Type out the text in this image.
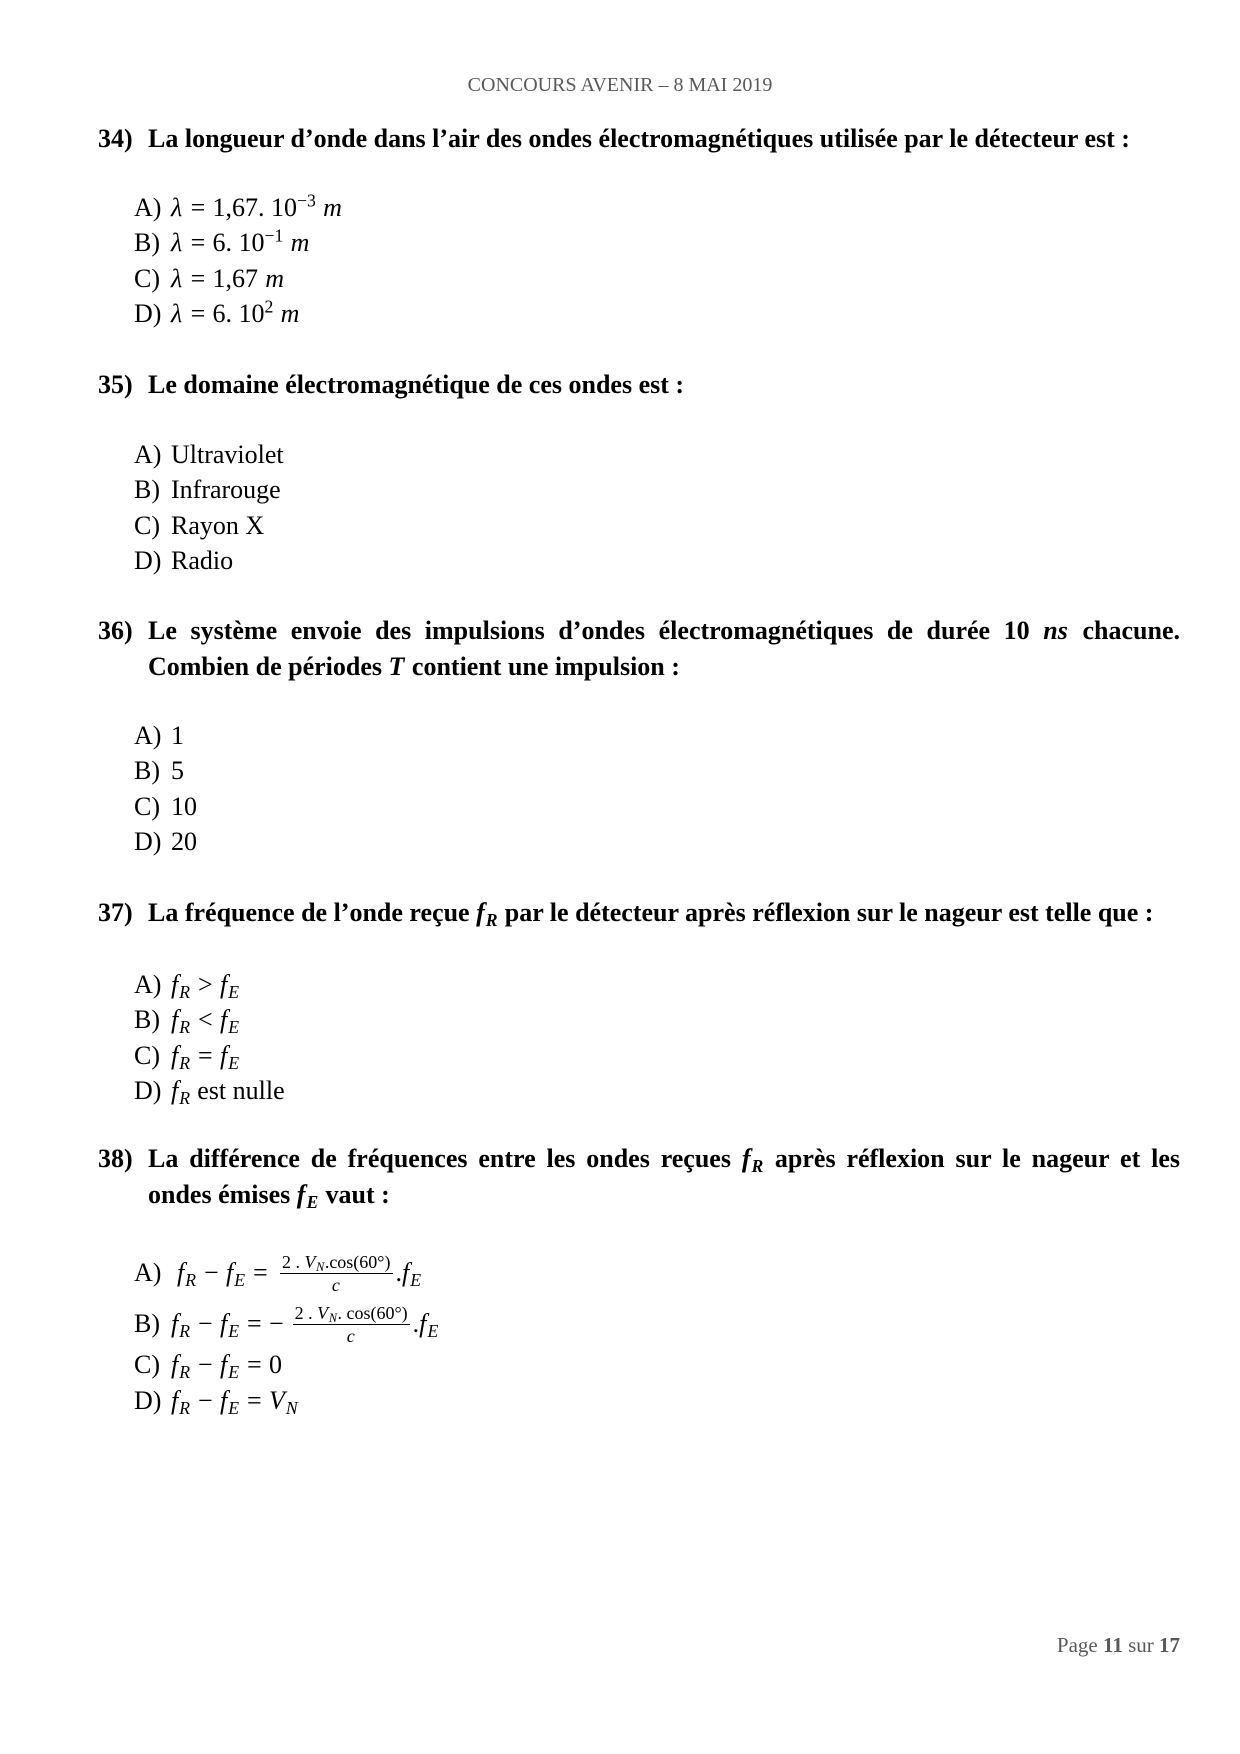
CONCOURS AVENIR – 8 MAI 2019
34) La longueur d’onde dans l’air des ondes électromagnétiques utilisée par le détecteur est :
A) λ = 1,67. $10^{-3}$ m
B) λ = 6. $10^{-1}$ m
C) λ = 1,67 m
D) λ = 6. $10^2$ m
35) Le domaine électromagnétique de ces ondes est :
A) Ultraviolet
B) Infrarouge
C) Rayon X
D) Radio
36) Le système envoie des impulsions d’ondes électromagnétiques de durée 10 ns chacune.
Combien de périodes T contient une impulsion :
A) 1
B) 5
C) 10
D) 20
37) La fréquence de l’onde reçue $f_R$ par le détecteur après réflexion sur le nageur est telle que :
A) $f_R > f_E$
B) $f_R < f_E$
C) $f_R = f_E$
D) $f_R$ est nulle
38) La différence de fréquences entre les ondes reçues $f_R$ après réflexion sur le nageur et les
ondes émises $f_E$ vaut :
A) $f_R - f_E = \frac{2 . V_N.\cos(60^\circ)}{c} .f_E$
B) $f_R - f_E$ = − $\frac{2 . V_N. \cos(60^\circ)}{c} .f_E$
C) $f_R - f_E = 0$
D) $f_R - f_E = V_N$
Page 11 sur 17
